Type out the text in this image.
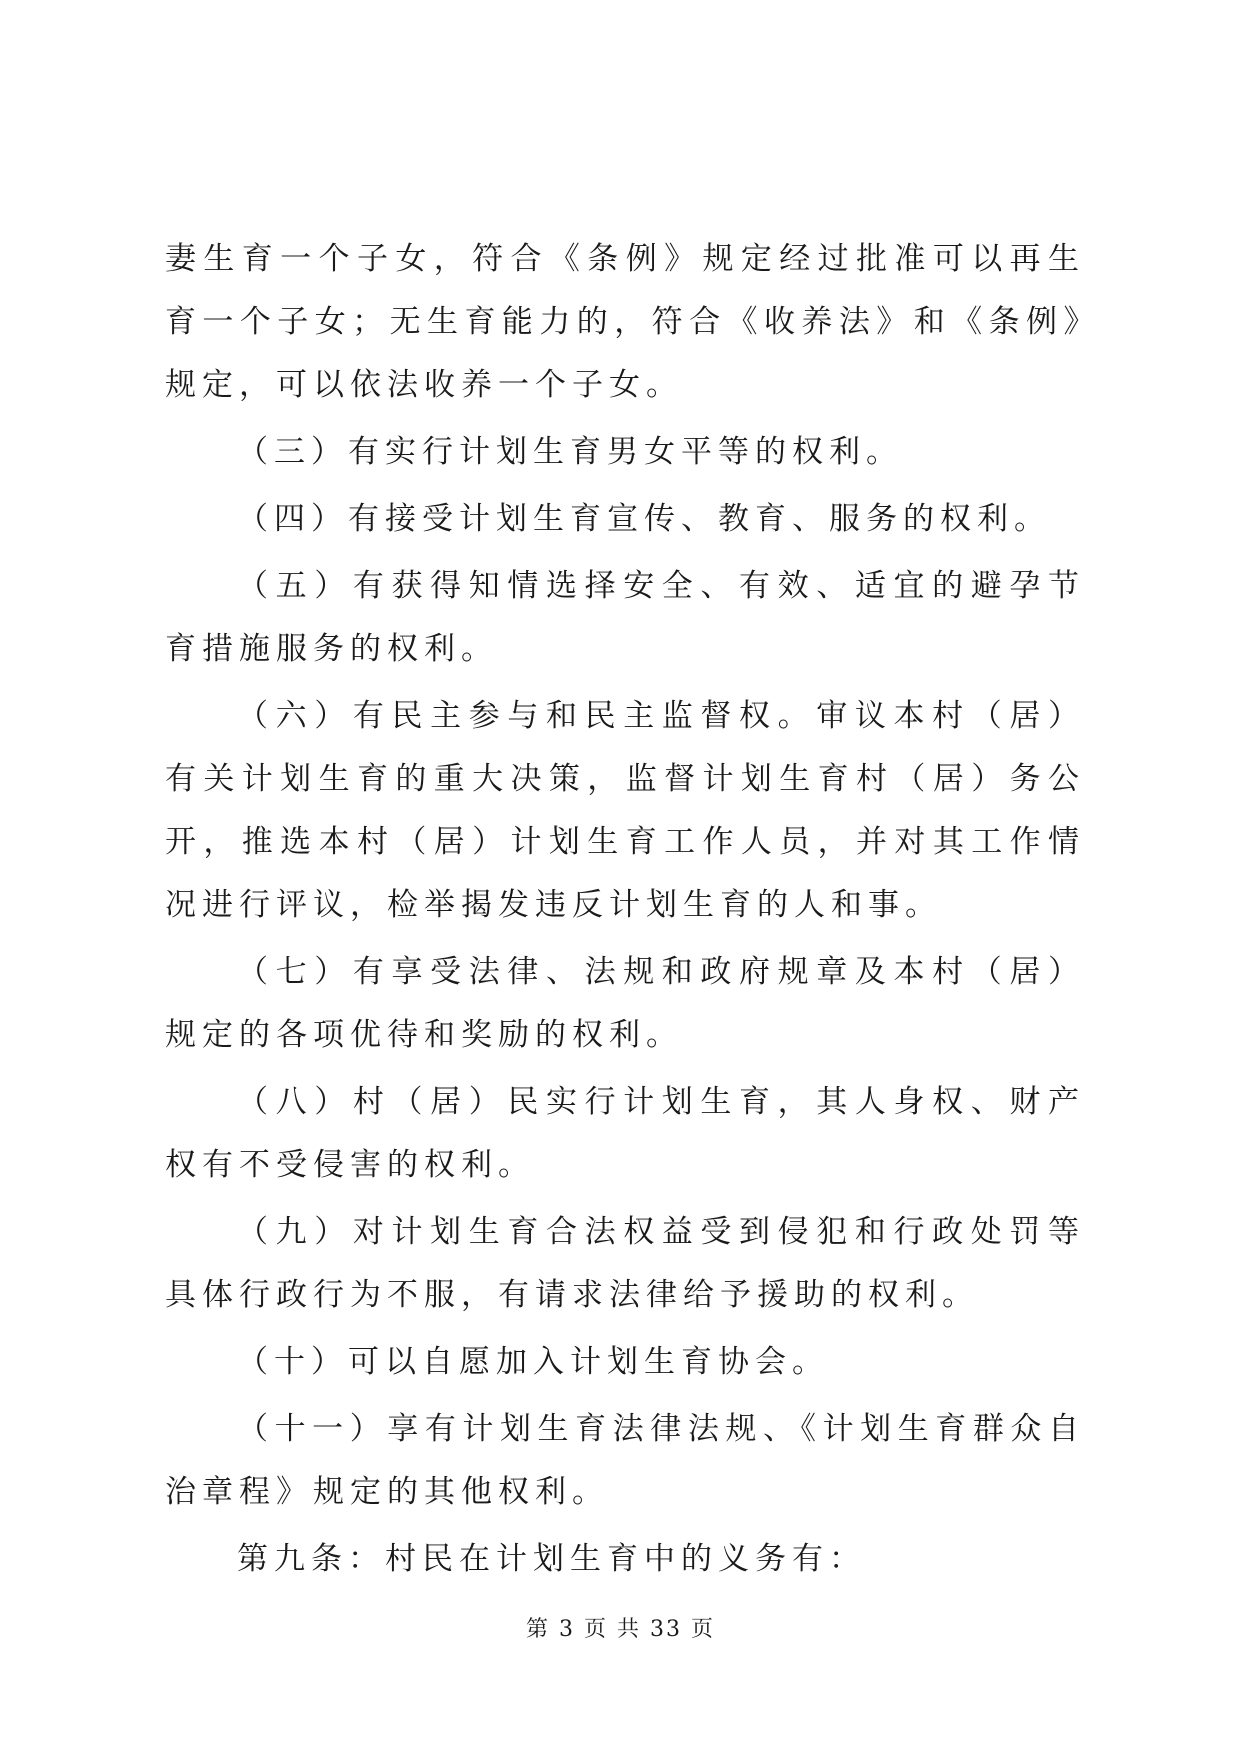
妻生育一个子女，符合《条例》规定经过批准可以再生育一个子女；无生育能力的，符合《收养法》和《条例》规定，可以依法收养一个子女。

（三）有实行计划生育男女平等的权利。

（四）有接受计划生育宣传、教育、服务的权利。

（五）有获得知情选择安全、有效、适宜的避孕节育措施服务的权利。

（六）有民主参与和民主监督权。审议本村（居）有关计划生育的重大决策，监督计划生育村（居）务公开，推选本村（居）计划生育工作人员，并对其工作情况进行评议，检举揭发违反计划生育的人和事。

（七）有享受法律、法规和政府规章及本村（居）规定的各项优待和奖励的权利。

（八）村（居）民实行计划生育，其人身权、财产权有不受侵害的权利。

（九）对计划生育合法权益受到侵犯和行政处罚等具体行政行为不服，有请求法律给予援助的权利。

（十）可以自愿加入计划生育协会。

（十一）享有计划生育法律法规、《计划生育群众自治章程》规定的其他权利。

第九条：村民在计划生育中的义务有：

第 3 页 共 33 页
